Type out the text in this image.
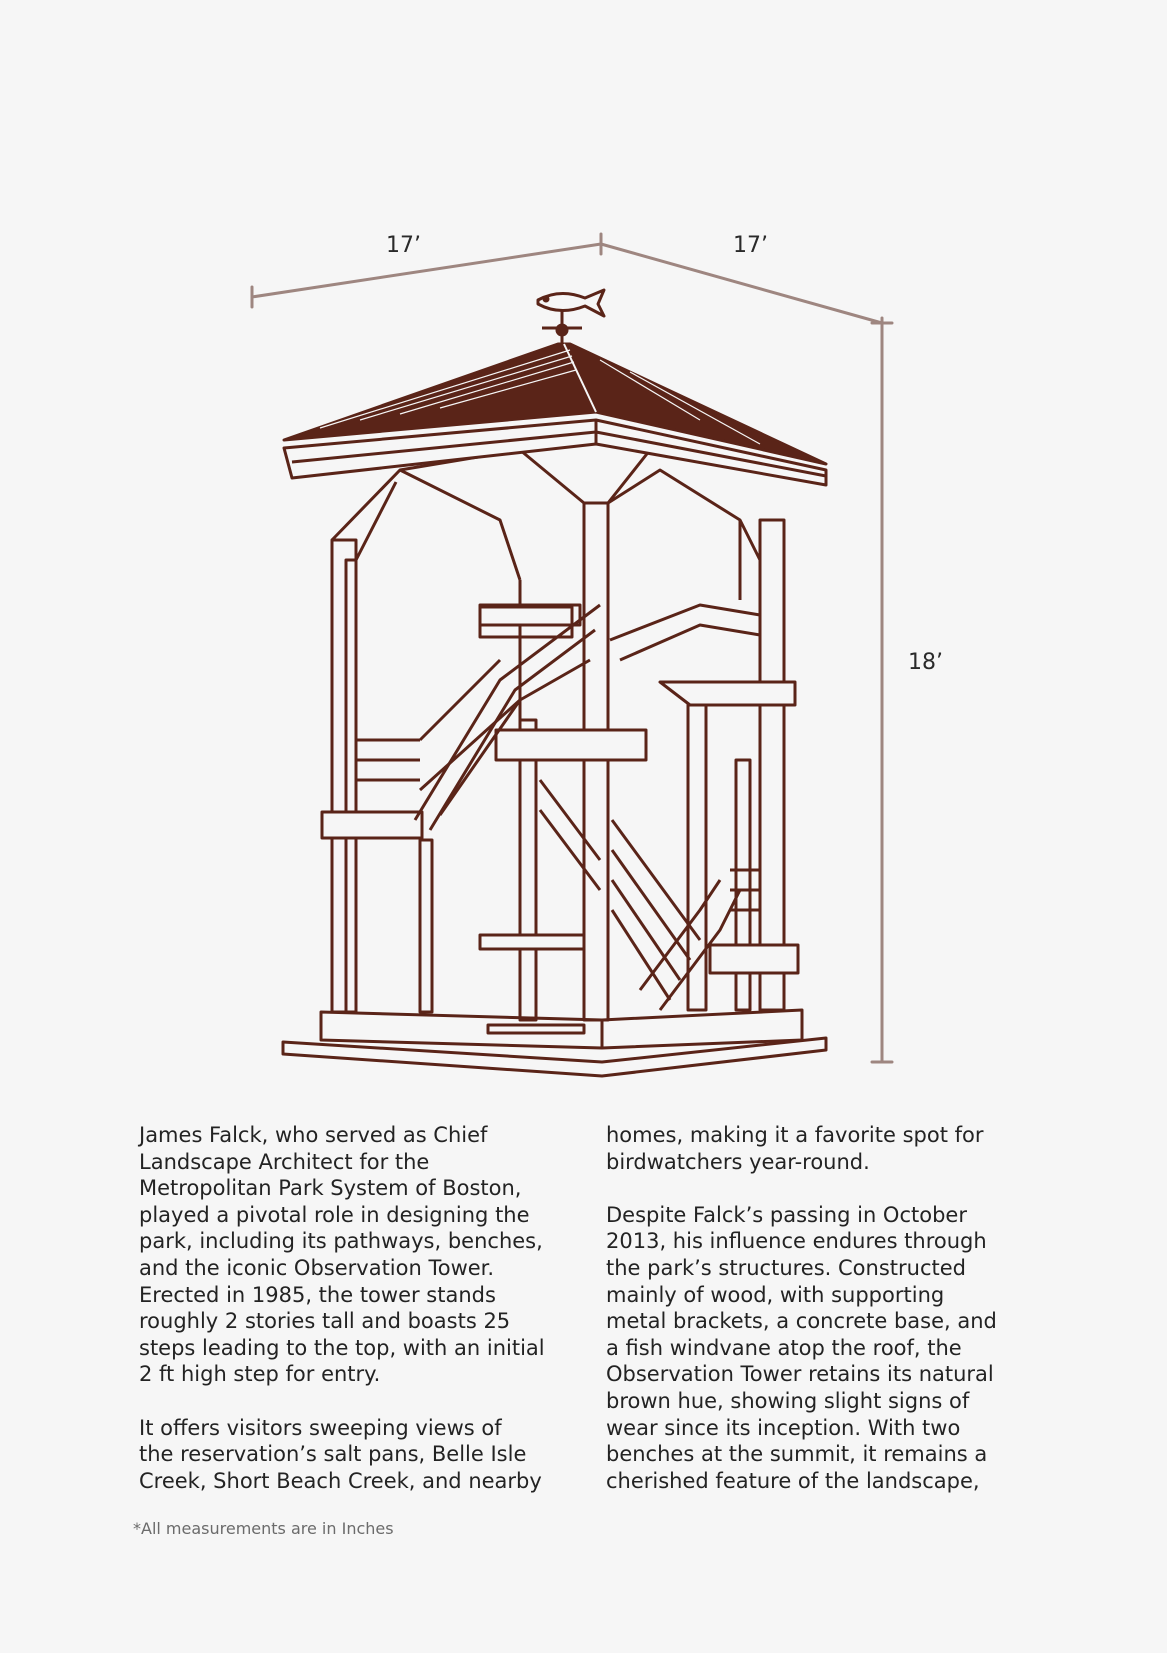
17’	17’
18’

James Falck, who served as Chief
Landscape Architect for the
Metropolitan Park System of Boston,
played a pivotal role in designing the
park, including its pathways, benches,
and the iconic Observation Tower.
Erected in 1985, the tower stands
roughly 2 stories tall and boasts 25
steps leading to the top, with an initial
2 ft high step for entry.

It offers visitors sweeping views of
the reservation’s salt pans, Belle Isle
Creek, Short Beach Creek, and nearby

homes, making it a favorite spot for
birdwatchers year-round.

Despite Falck’s passing in October
2013, his influence endures through
the park’s structures. Constructed
mainly of wood, with supporting
metal brackets, a concrete base, and
a fish windvane atop the roof, the
Observation Tower retains its natural
brown hue, showing slight signs of
wear since its inception. With two
benches at the summit, it remains a
cherished feature of the landscape,

*All measurements are in Inches
